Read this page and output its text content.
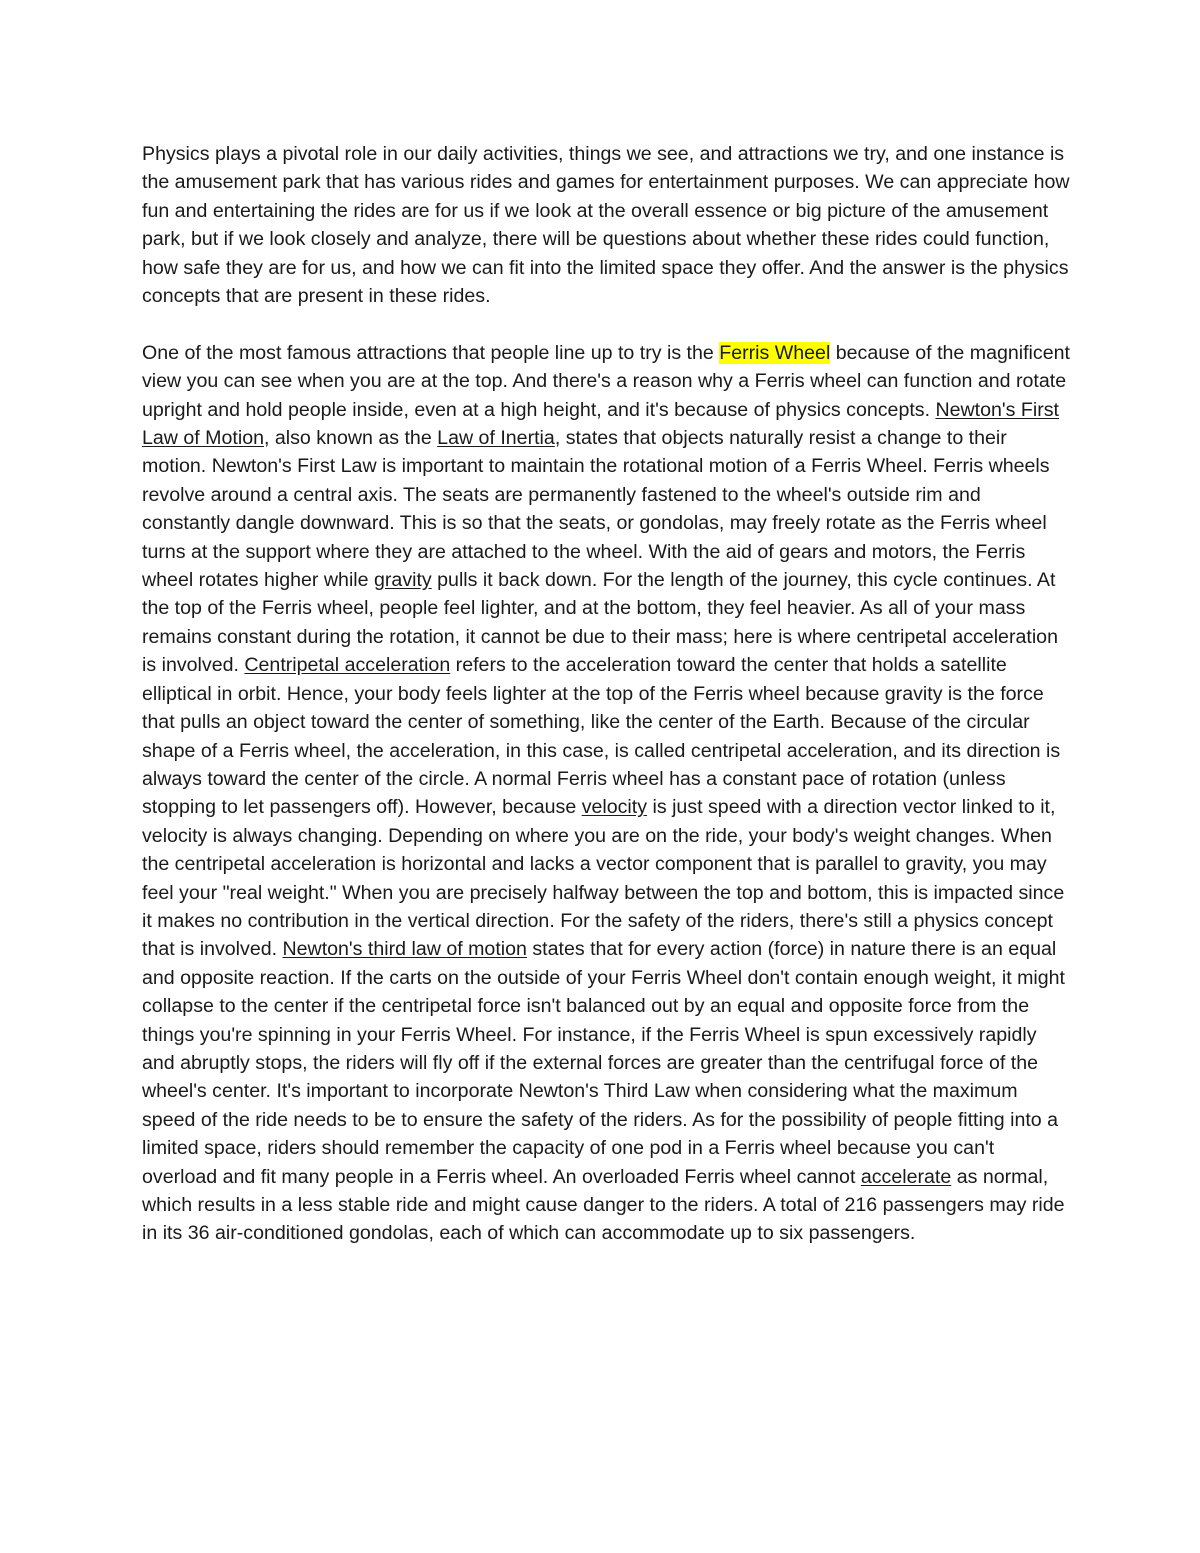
Physics plays a pivotal role in our daily activities, things we see, and attractions we try, and one instance is the amusement park that has various rides and games for entertainment purposes. We can appreciate how fun and entertaining the rides are for us if we look at the overall essence or big picture of the amusement park, but if we look closely and analyze, there will be questions about whether these rides could function, how safe they are for us, and how we can fit into the limited space they offer. And the answer is the physics concepts that are present in these rides.

One of the most famous attractions that people line up to try is the Ferris Wheel because of the magnificent view you can see when you are at the top. And there's a reason why a Ferris wheel can function and rotate upright and hold people inside, even at a high height, and it's because of physics concepts. Newton's First Law of Motion, also known as the Law of Inertia, states that objects naturally resist a change to their motion. Newton's First Law is important to maintain the rotational motion of a Ferris Wheel. Ferris wheels revolve around a central axis. The seats are permanently fastened to the wheel's outside rim and constantly dangle downward. This is so that the seats, or gondolas, may freely rotate as the Ferris wheel turns at the support where they are attached to the wheel. With the aid of gears and motors, the Ferris wheel rotates higher while gravity pulls it back down. For the length of the journey, this cycle continues. At the top of the Ferris wheel, people feel lighter, and at the bottom, they feel heavier. As all of your mass remains constant during the rotation, it cannot be due to their mass; here is where centripetal acceleration is involved. Centripetal acceleration refers to the acceleration toward the center that holds a satellite elliptical in orbit. Hence, your body feels lighter at the top of the Ferris wheel because gravity is the force that pulls an object toward the center of something, like the center of the Earth. Because of the circular shape of a Ferris wheel, the acceleration, in this case, is called centripetal acceleration, and its direction is always toward the center of the circle. A normal Ferris wheel has a constant pace of rotation (unless stopping to let passengers off). However, because velocity is just speed with a direction vector linked to it, velocity is always changing. Depending on where you are on the ride, your body's weight changes. When the centripetal acceleration is horizontal and lacks a vector component that is parallel to gravity, you may feel your "real weight." When you are precisely halfway between the top and bottom, this is impacted since it makes no contribution in the vertical direction. For the safety of the riders, there's still a physics concept that is involved. Newton's third law of motion states that for every action (force) in nature there is an equal and opposite reaction. If the carts on the outside of your Ferris Wheel don't contain enough weight, it might collapse to the center if the centripetal force isn't balanced out by an equal and opposite force from the things you're spinning in your Ferris Wheel. For instance, if the Ferris Wheel is spun excessively rapidly and abruptly stops, the riders will fly off if the external forces are greater than the centrifugal force of the wheel's center. It's important to incorporate Newton's Third Law when considering what the maximum speed of the ride needs to be to ensure the safety of the riders. As for the possibility of people fitting into a limited space, riders should remember the capacity of one pod in a Ferris wheel because you can't overload and fit many people in a Ferris wheel. An overloaded Ferris wheel cannot accelerate as normal, which results in a less stable ride and might cause danger to the riders. A total of 216 passengers may ride in its 36 air-conditioned gondolas, each of which can accommodate up to six passengers.
